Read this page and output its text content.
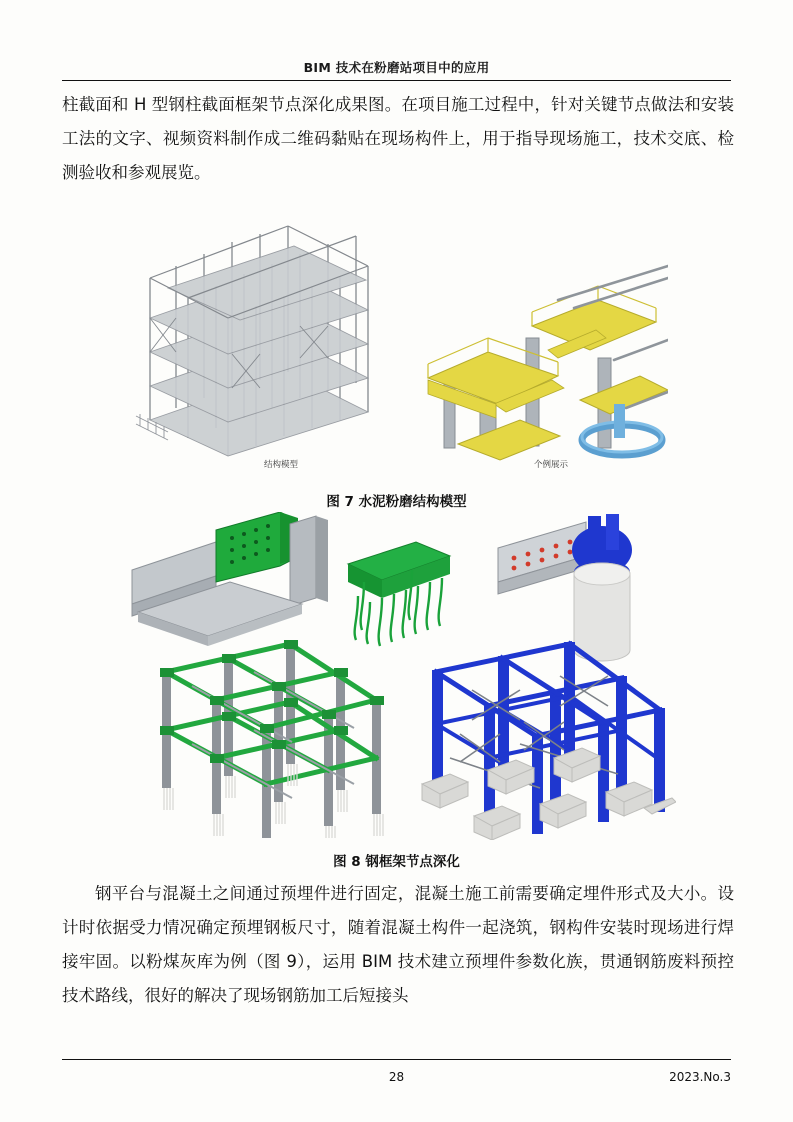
BIM 技术在粉磨站项目中的应用
柱截面和 H 型钢柱截面框架节点深化成果图。在项目施工过程中，针对关键节点做法和安装工法的文字、视频资料制作成二维码黏贴在现场构件上，用于指导现场施工，技术交底、检测验收和参观展览。
结构模型	个例展示
图 7 水泥粉磨结构模型
图 8 钢框架节点深化
钢平台与混凝土之间通过预埋件进行固定，混凝土施工前需要确定埋件形式及大小。设计时依据受力情况确定预埋钢板尺寸，随着混凝土构件一起浇筑，钢构件安装时现场进行焊接牢固。以粉煤灰库为例（图 9），运用 BIM 技术建立预埋件参数化族，贯通钢筋废料预控技术路线，很好的解决了现场钢筋加工后短接头
28	2023.No.3
